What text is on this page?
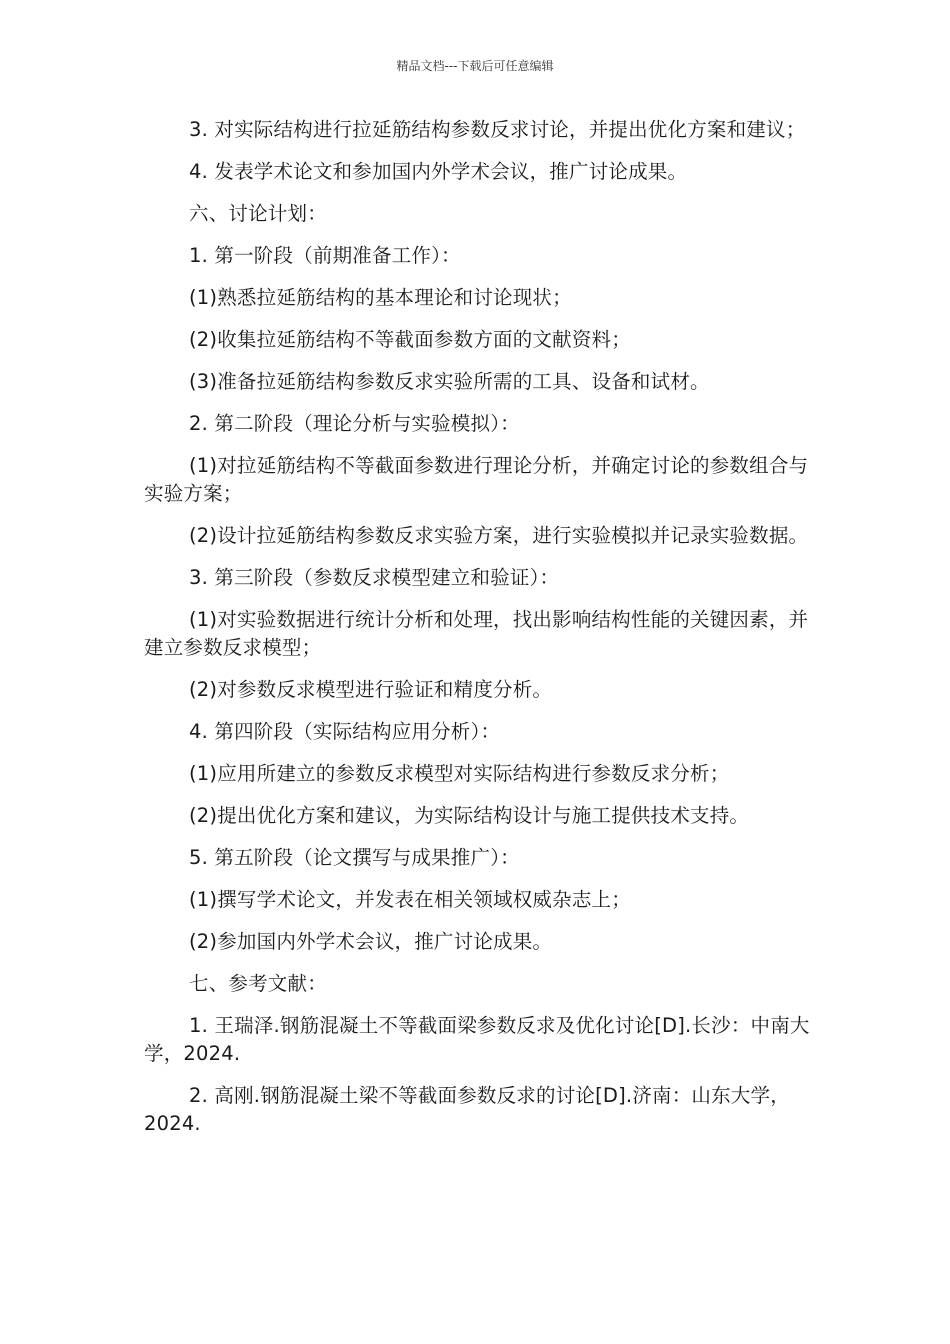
精品文档---下载后可任意编辑

3. 对实际结构进行拉延筋结构参数反求讨论，并提出优化方案和建议；

4. 发表学术论文和参加国内外学术会议，推广讨论成果。

六、讨论计划：

1. 第一阶段（前期准备工作）：

(1)熟悉拉延筋结构的基本理论和讨论现状；

(2)收集拉延筋结构不等截面参数方面的文献资料；

(3)准备拉延筋结构参数反求实验所需的工具、设备和试材。

2. 第二阶段（理论分析与实验模拟）：

(1)对拉延筋结构不等截面参数进行理论分析，并确定讨论的参数组合与实验方案；

(2)设计拉延筋结构参数反求实验方案，进行实验模拟并记录实验数据。

3. 第三阶段（参数反求模型建立和验证）：

(1)对实验数据进行统计分析和处理，找出影响结构性能的关键因素，并建立参数反求模型；

(2)对参数反求模型进行验证和精度分析。

4. 第四阶段（实际结构应用分析）：

(1)应用所建立的参数反求模型对实际结构进行参数反求分析；

(2)提出优化方案和建议，为实际结构设计与施工提供技术支持。

5. 第五阶段（论文撰写与成果推广）：

(1)撰写学术论文，并发表在相关领域权威杂志上；

(2)参加国内外学术会议，推广讨论成果。

七、参考文献：

1. 王瑞泽.钢筋混凝土不等截面梁参数反求及优化讨论[D].长沙：中南大学，2024.

2. 高刚.钢筋混凝土梁不等截面参数反求的讨论[D].济南：山东大学，2024.
